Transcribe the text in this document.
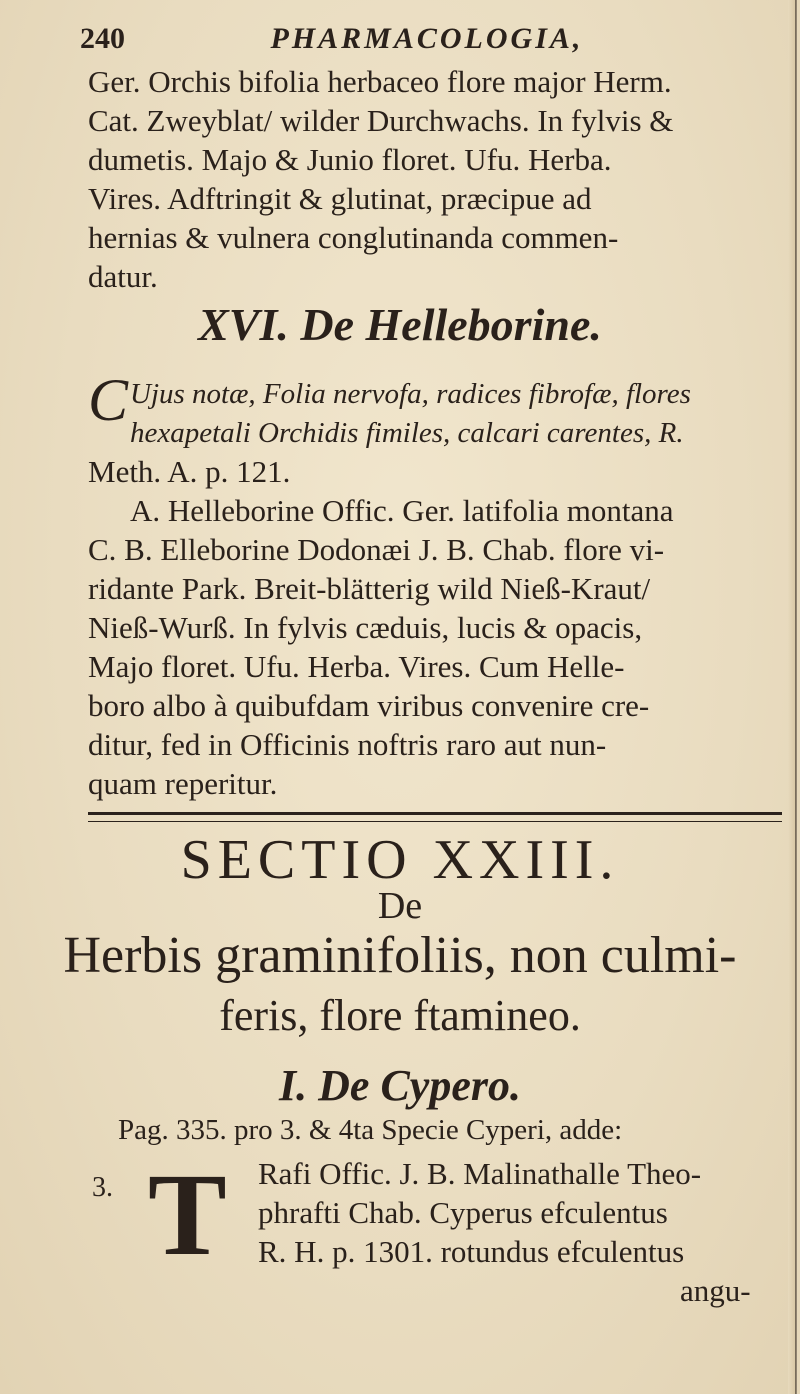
240	PHARMACOLOGIA,
Ger. Orchis bifolia herbaceo flore major Herm.
Cat. Zweyblat/ wilder Durchwachs. In fylvis &
dumetis. Majo & Junio floret. Ufu. Herba.
Vires. Adftringit & glutinat, præcipue ad
hernias & vulnera conglutinanda commen-
datur.
XVI. De Helleborine.
C Ujus notæ, Folia nervofa, radices fibrofæ, flores
hexapetali Orchidis fimiles, calcari carentes, R.
Meth. A. p. 121.
A. Helleborine Offic. Ger. latifolia montana
C. B. Elleborine Dodonæi J. B. Chab. flore vi-
ridante Park. Breit-blätterig wild Nieß-Kraut/
Nieß-Wurß. In fylvis cæduis, lucis & opacis,
Majo floret. Ufu. Herba. Vires. Cum Helle-
boro albo à quibufdam viribus convenire cre-
ditur, fed in Officinis noftris raro aut nun-
quam reperitur.
SECTIO XXIII.
De
Herbis graminifoliis, non culmi-
feris, flore ftamineo.
I. De Cypero.
Pag. 335. pro 3. & 4ta Specie Cyperi, adde:
3. T Rafi Offic. J. B. Malinathalle Theo-
phrafti Chab. Cyperus efculentus
R. H. p. 1301. rotundus efculentus
angu-
